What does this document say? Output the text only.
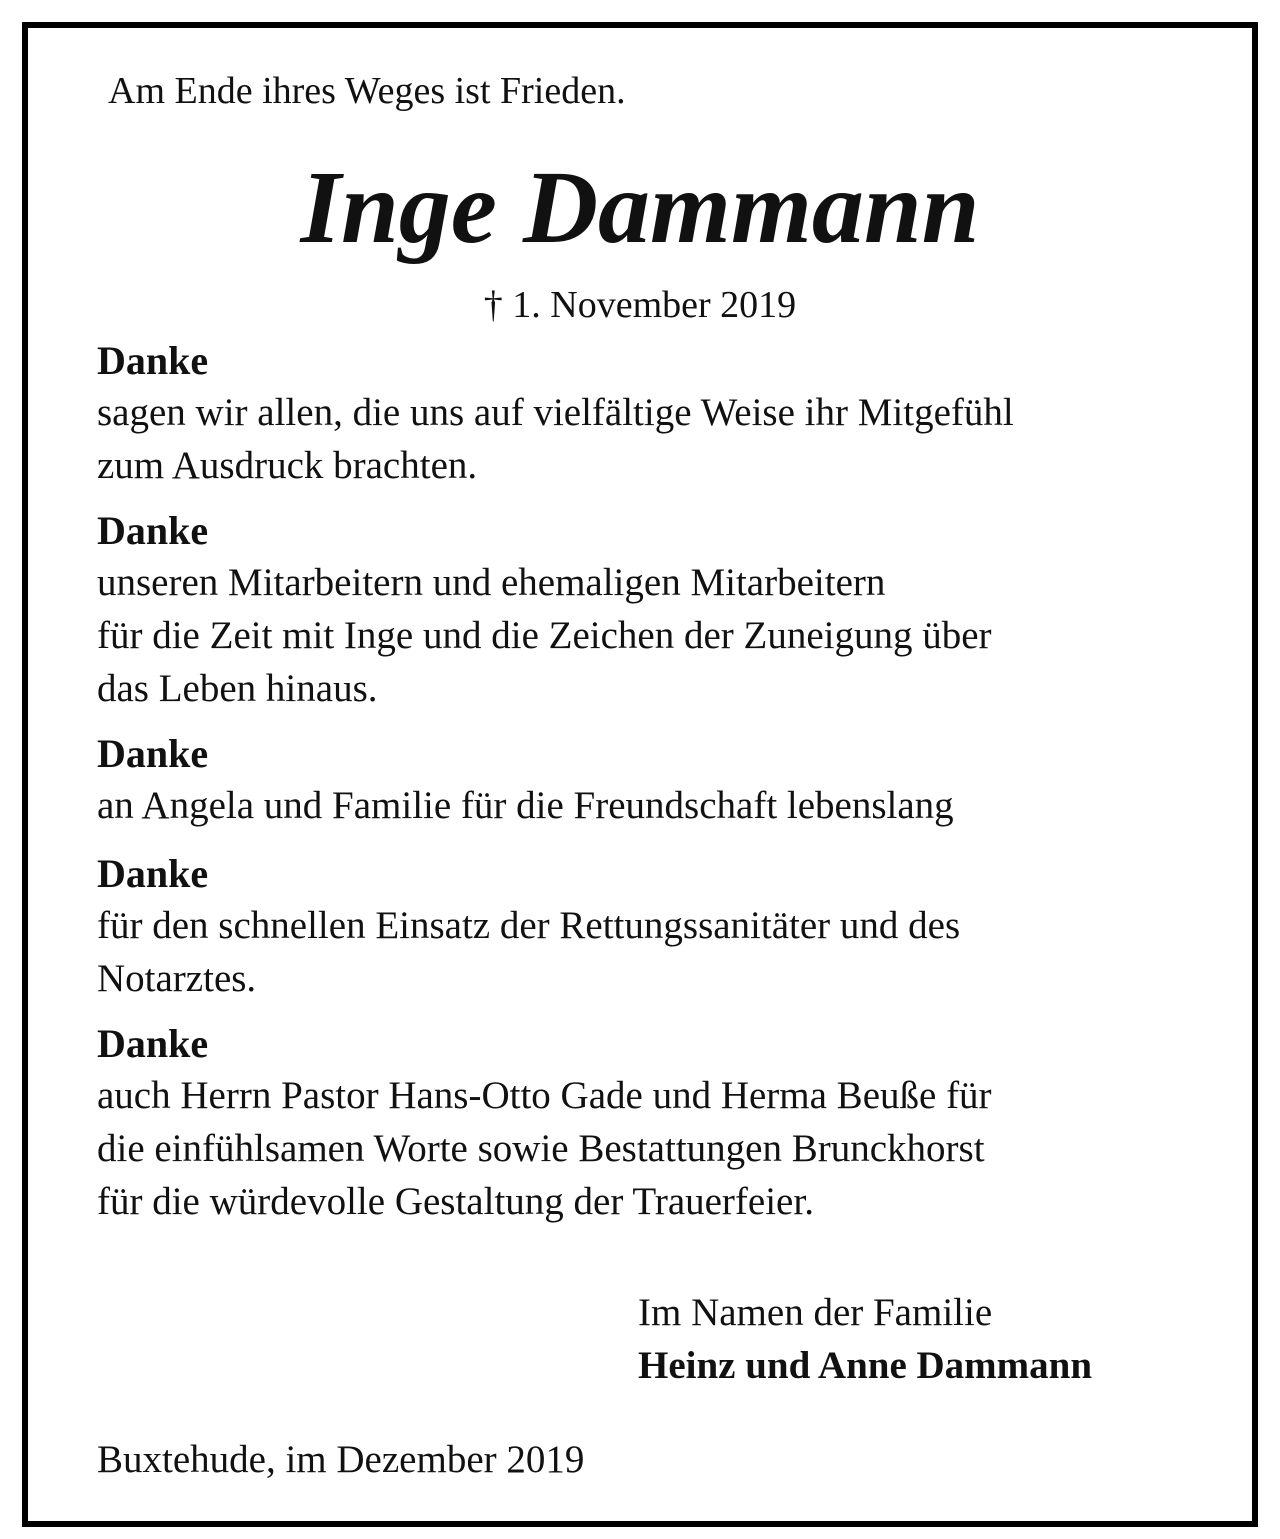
Am Ende ihres Weges ist Frieden.
Inge Dammann
† 1. November 2019
Danke
sagen wir allen, die uns auf vielfältige Weise ihr Mitgefühl
zum Ausdruck brachten.
Danke
unseren Mitarbeitern und ehemaligen Mitarbeitern
für die Zeit mit Inge und die Zeichen der Zuneigung über
das Leben hinaus.
Danke
an Angela und Familie für die Freundschaft lebenslang
Danke
für den schnellen Einsatz der Rettungssanitäter und des
Notarztes.
Danke
auch Herrn Pastor Hans-Otto Gade und Herma Beuße für
die einfühlsamen Worte sowie Bestattungen Brunckhorst
für die würdevolle Gestaltung der Trauerfeier.
Im Namen der Familie
Heinz und Anne Dammann
Buxtehude, im Dezember 2019
